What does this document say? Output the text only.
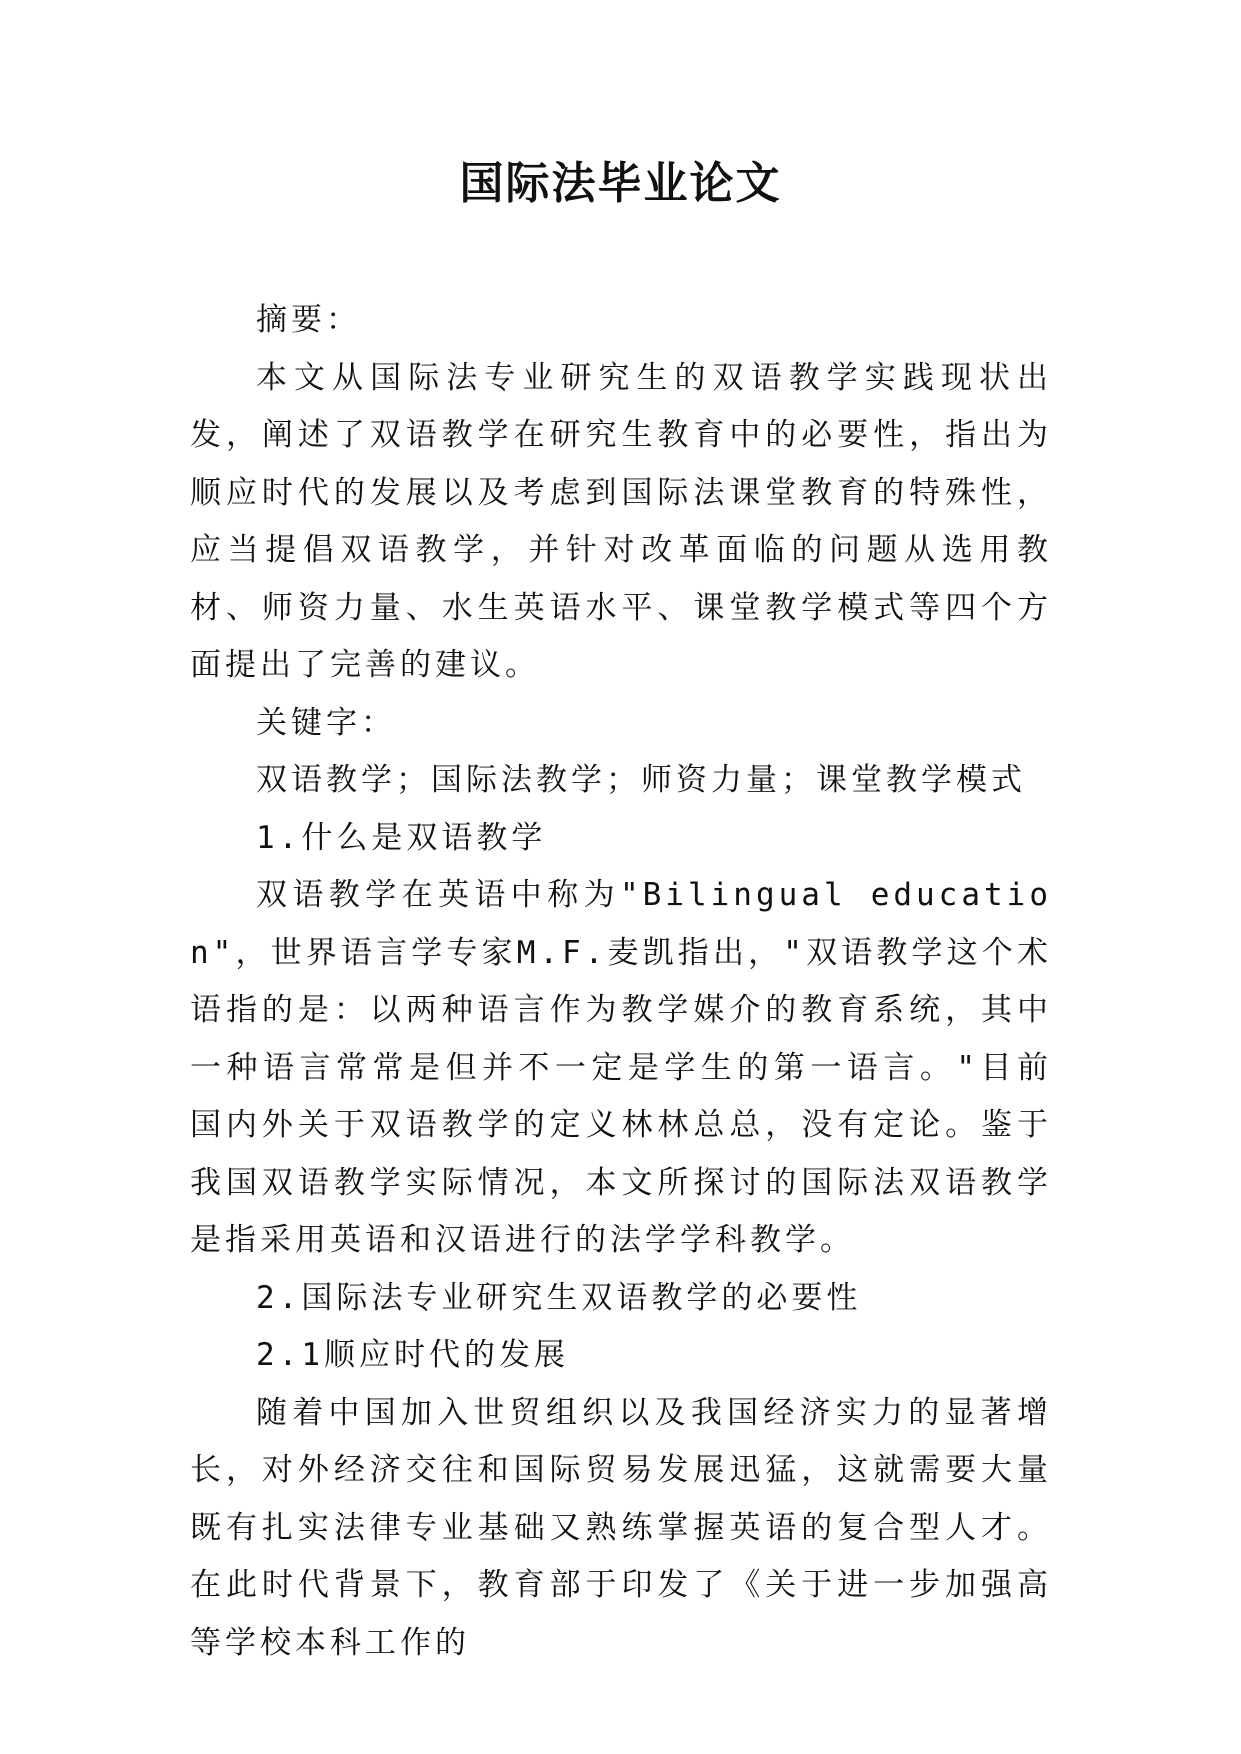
国际法毕业论文

摘要：

本文从国际法专业研究生的双语教学实践现状出发，阐述了双语教学在研究生教育中的必要性，指出为顺应时代的发展以及考虑到国际法课堂教育的特殊性，应当提倡双语教学，并针对改革面临的问题从选用教材、师资力量、水生英语水平、课堂教学模式等四个方面提出了完善的建议。

关键字：

双语教学；国际法教学；师资力量；课堂教学模式

1.什么是双语教学

双语教学在英语中称为"Bilingual education"，世界语言学专家M.F.麦凯指出，"双语教学这个术语指的是：以两种语言作为教学媒介的教育系统，其中一种语言常常是但并不一定是学生的第一语言。"目前国内外关于双语教学的定义林林总总，没有定论。鉴于我国双语教学实际情况，本文所探讨的国际法双语教学是指采用英语和汉语进行的法学学科教学。

2.国际法专业研究生双语教学的必要性

2.1顺应时代的发展

随着中国加入世贸组织以及我国经济实力的显著增长，对外经济交往和国际贸易发展迅猛，这就需要大量既有扎实法律专业基础又熟练掌握英语的复合型人才。在此时代背景下，教育部于印发了《关于进一步加强高等学校本科工作的
